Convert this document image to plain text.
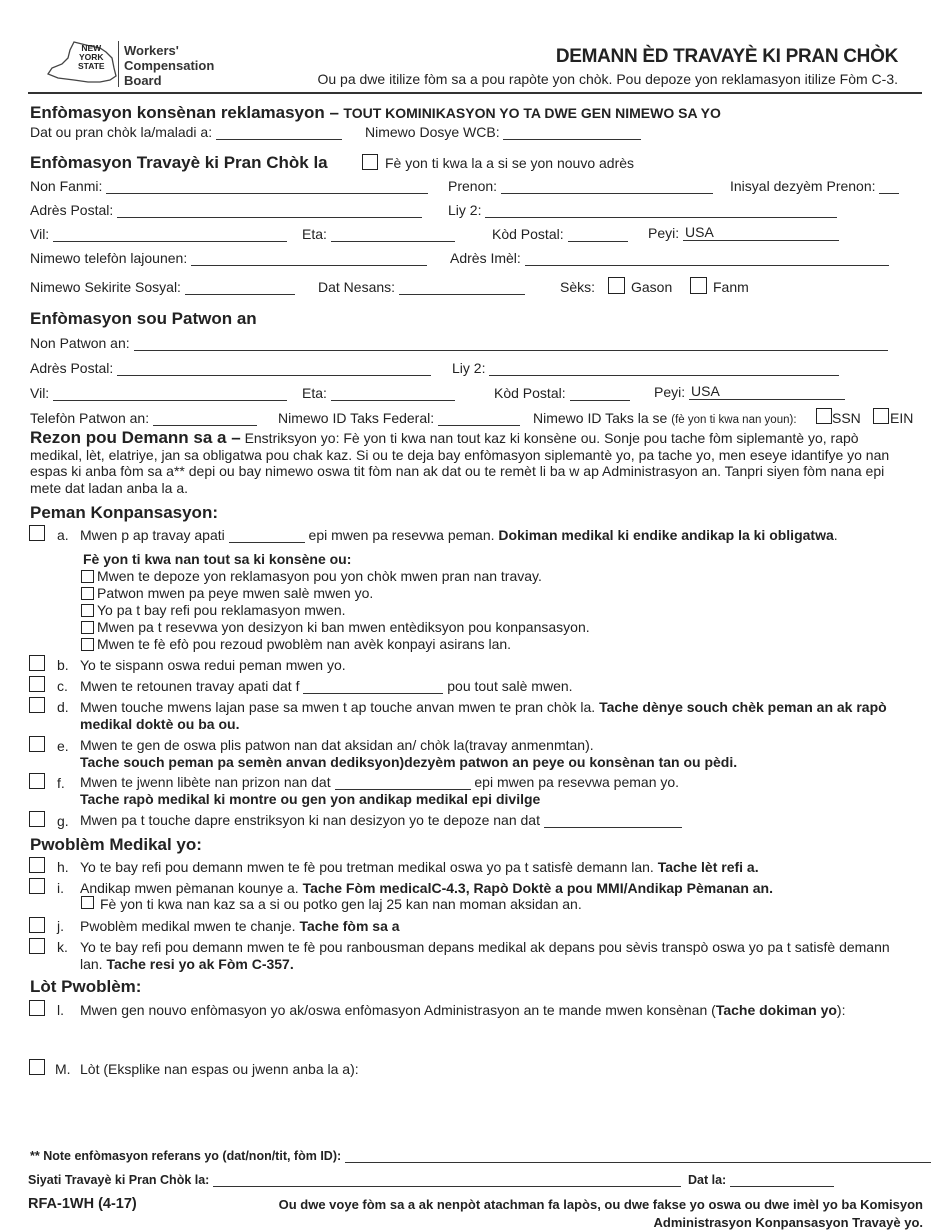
NEW
YORK
STATE
Workers'
Compensation
Board
DEMANN ÈD TRAVAYÈ KI PRAN CHÒK
Ou pa dwe itilize fòm sa a pou rapòte yon chòk. Pou depoze yon reklamasyon itilize Fòm C-3.
Enfòmasyon konsènan reklamasyon – TOUT KOMINIKASYON YO TA DWE GEN NIMEWO SA YO
Dat ou pran chòk la/maladi a:	Nimewo Dosye WCB:
Enfòmasyon Travayè ki Pran Chòk la	Fè yon ti kwa la a si se yon nouvo adrès
Non Fanmi:	Prenon:	Inisyal dezyèm Prenon:
Adrès Postal:	Liy 2:
Vil:	Eta:	Kòd Postal:	Peyi: USA
Nimewo telefòn lajounen:	Adrès Imèl:
Nimewo Sekirite Sosyal:	Dat Nesans:	Sèks:	Gason	Fanm
Enfòmasyon sou Patwon an
Non Patwon an:
Adrès Postal:	Liy 2:
Vil:	Eta:	Kòd Postal:	Peyi: USA
Telefòn Patwon an:	Nimewo ID Taks Federal:	Nimewo ID Taks la se (fè yon ti kwa nan youn):	SSN EIN
Rezon pou Demann sa a – Enstriksyon yo: Fè yon ti kwa nan tout kaz ki konsène ou. Sonje pou tache fòm siplemantè yo, rapò medikal, lèt, elatriye, jan sa obligatwa pou chak kaz. Si ou te deja bay enfòmasyon siplemantè yo, pa tache yo, men eseye idantifye yo nan espas ki anba fòm sa a** depi ou bay nimewo oswa tit fòm nan ak dat ou te remèt li ba w ap Administrasyon an. Tanpri siyen fòm nana epi mete dat ladan anba la a.
Peman Konpansasyon:
a. Mwen p ap travay apati	epi mwen pa resevwa peman. Dokiman medikal ki endike andikap la ki obligatwa.
Fè yon ti kwa nan tout sa ki konsène ou:
Mwen te depoze yon reklamasyon pou yon chòk mwen pran nan travay.
Patwon mwen pa peye mwen salè mwen yo.
Yo pa t bay refi pou reklamasyon mwen.
Mwen pa t resevwa yon desizyon ki ban mwen entèdiksyon pou konpansasyon.
Mwen te fè efò pou rezoud pwoblèm nan avèk konpayi asirans lan.
b. Yo te sispann oswa redui peman mwen yo.
c. Mwen te retounen travay apati dat f	pou tout salè mwen.
d. Mwen touche mwens lajan pase sa mwen t ap touche anvan mwen te pran chòk la. Tache dènye souch chèk peman an ak rapò
medikal doktè ou ba ou.
e. Mwen te gen de oswa plis patwon nan dat aksidan an/ chòk la(travay anmenmtan).
Tache souch peman pa semèn anvan dediksyon)dezyèm patwon an peye ou konsènan tan ou pèdi.
f. Mwen te jwenn libète nan prizon nan dat	epi mwen pa resevwa peman yo.
Tache rapò medikal ki montre ou gen yon andikap medikal epi divilge
g. Mwen pa t touche dapre enstriksyon ki nan desizyon yo te depoze nan dat
Pwoblèm Medikal yo:
h. Yo te bay refi pou demann mwen te fè pou tretman medikal oswa yo pa t satisfè demann lan. Tache lèt refi a.
i. Andikap mwen pèmanan kounye a. Tache Fòm medicalC-4.3, Rapò Doktè a pou MMI/Andikap Pèmanan an.
Fè yon ti kwa nan kaz sa a si ou potko gen laj 25 kan nan moman aksidan an.
j. Pwoblèm medikal mwen te chanje. Tache fòm sa a
k. Yo te bay refi pou demann mwen te fè pou ranbousman depans medikal ak depans pou sèvis transpò oswa yo pa t satisfè demann
lan. Tache resi yo ak Fòm C-357.
Lòt Pwoblèm:
l. Mwen gen nouvo enfòmasyon yo ak/oswa enfòmasyon Administrasyon an te mande mwen konsènan (Tache dokiman yo):
M. Lòt (Eksplike nan espas ou jwenn anba la a):
** Note enfòmasyon referans yo (dat/non/tit, fòm ID):
Siyati Travayè ki Pran Chòk la:	Dat la:
RFA-1WH (4-17)	Ou dwe voye fòm sa a ak nenpòt atachman fa lapòs, ou dwe fakse yo oswa ou dwe imèl yo ba Komisyon
Administrasyon Konpansasyon Travayè yo.
